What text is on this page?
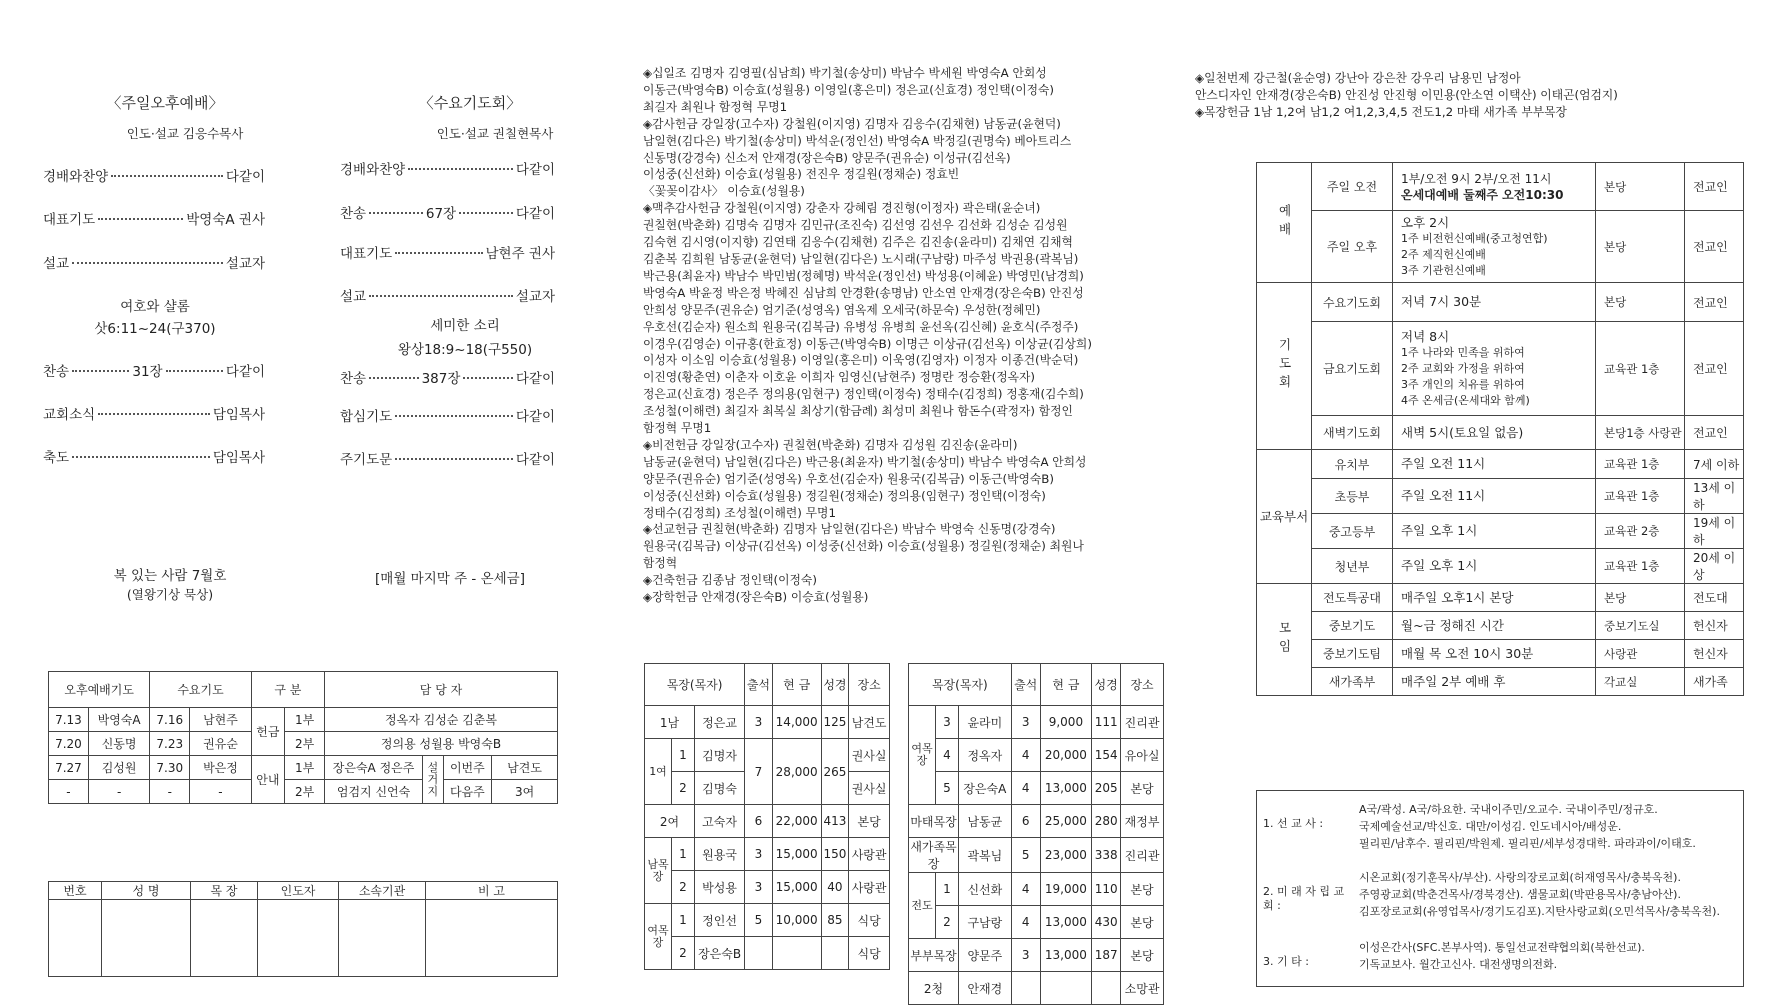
〈주일오후예배〉
인도·설교 김응수목사
경배와찬양	다같이
대표기도	박영숙A 권사
설교	설교자
여호와 샬롬
삿6:11~24(구370)
찬송	31장	다같이
교회소식	담임목사
축도	담임목사
〈수요기도회〉
인도·설교 권칠현목사
경배와찬양	다같이
찬송	67장	다같이
대표기도	남현주 권사
설교	설교자
세미한 소리
왕상18:9~18(구550)
찬송	387장	다같이
합심기도	다같이
주기도문	다같이
복 있는 사람 7월호
(열왕기상 묵상)
[매월 마지막 주 - 온세금]
오후예배기도		수요기도		구 분		담 당 자			
7.13	박영숙A	7.16	남현주	헌금	1부	정옥자 김성순 김춘복			
7.20	신동명	7.23	권유순		2부	정의용 성월용 박영숙B			
7.27	김성원	7.30	박은정	안내	1부	장은숙A 정은주	설거지	이번주	남견도
-	-	-	-		2부	엄검지 신언숙		다음주	3여
번호	성 명	목 장	인도자	소속기관	비 고

◈십일조 김명자 김영필(심남희) 박기철(송상미) 박남수 박세원 박영숙A 안회성
이동근(박영숙B) 이승효(성월용) 이영일(홍은미) 정은교(신효경) 정인택(이정숙)
최길자 최원나 함정혁 무명1
◈감사헌금 강일장(고수자) 강철원(이지영) 김명자 김응수(김채현) 남동균(윤현덕)
남일현(김다은) 박기철(송상미) 박석운(정인선) 박영숙A 박정길(권명숙) 베아트리스
신동명(강경숙) 신소저 안재경(장은숙B) 양문주(권유순) 이성규(김선옥)
이성중(신선화) 이승효(성월용) 전진우 정길원(정채순) 정효빈
〈꽃꽂이감사〉 이승효(성월용)
◈맥추감사헌금 강철원(이지영) 강춘자 강혜림 경진형(이정자) 곽은태(윤순녀)
권칠현(박춘화) 김명숙 김명자 김민규(조진숙) 김선영 김선우 김선화 김성순 김성원
김숙현 김시영(이지향) 김연태 김응수(김채현) 김주은 김진송(윤라미) 김채연 김채혁
김춘복 김희원 남동균(윤현덕) 남일현(김다은) 노시래(구남랑) 마주성 박권용(곽복님)
박근용(최윤자) 박남수 박민범(정혜명) 박석운(정인선) 박성용(이혜윤) 박영민(남경희)
박영숙A 박윤정 박은정 박혜진 심남희 안경환(송명남) 안소연 안재경(장은숙B) 안진성
안희성 양문주(권유순) 엄기준(성영옥) 염옥제 오세국(하문숙) 우성한(정혜민)
우호선(김순자) 원소희 원용국(김복금) 유병성 유병희 윤선옥(김신혜) 윤호식(주정주)
이경우(김영순) 이규홍(한효정) 이동근(박영숙B) 이명근 이상규(김선옥) 이상균(김상희)
이성자 이소임 이승효(성월용) 이영일(홍은미) 이욱영(김영자) 이정자 이종건(박순덕)
이진영(황춘연) 이춘자 이호윤 이희자 임영신(남현주) 정명란 정승환(정옥자)
정은교(신효경) 정은주 정의용(임현구) 정인택(이정숙) 정태수(김정희) 정홍재(김수희)
조성철(이해련) 최길자 최복실 최상기(함금례) 최성미 최원나 함돈수(곽정자) 함정인
함정혁 무명1
◈비전헌금 강일장(고수자) 권칠현(박춘화) 김명자 김성원 김진송(윤라미)
남동균(윤현덕) 남일현(김다은) 박근용(최윤자) 박기철(송상미) 박남수 박영숙A 안희성
양문주(권유순) 엄기준(성영옥) 우호선(김순자) 원용국(김복금) 이동근(박영숙B)
이성중(신선화) 이승효(성월용) 정길원(정채순) 정의용(임현구) 정인택(이정숙)
정태수(김정희) 조성철(이해련) 무명1
◈선교헌금 권칠현(박춘화) 김명자 남일현(김다은) 박남수 박영숙 신동명(강경숙)
원용국(김복금) 이상규(김선옥) 이성중(신선화) 이승효(성월용) 정길원(정채순) 최원나
함정혁
◈건축헌금 김종남 정인택(이정숙)
◈장학헌금 안재경(장은숙B) 이승효(성월용)
목장(목자)			출석	현 금	성경	장소
1남		정은교	3	14,000	125	남견도
1여	1	김명자	7	28,000	265	권사실
	2	김명숙				권사실
2여		고숙자	6	22,000	413	본당
남목장	1	원용국	3	15,000	150	사랑관
	2	박성용	3	15,000	40	사랑관
여목장	1	정인선	5	10,000	85	식당
	2	장은숙B				식당
목장(목자)			출석	현 금	성경	장소
여목장	3	윤라미	3	9,000	111	진리관
	4	정옥자	4	20,000	154	유아실
	5	장은숙A	4	13,000	205	본당
마태목장		남동균	6	25,000	280	재정부
새가족목장		곽복님	5	23,000	338	진리관
전도	1	신선화	4	19,000	110	본당
	2	구남랑	4	13,000	430	본당
부부목장		양문주	3	13,000	187	본당
2청		안재경				소망관
◈일천번제 강근철(윤순영) 강난아 강은찬 강우리 남용민 남정아
안스디자인 안재경(장은숙B) 안진성 안진형 이민용(안소연 이택산) 이태곤(엄검지)
◈목장헌금 1남 1,2여 남1,2 여1,2,3,4,5 전도1,2 마태 새가족 부부목장
예배	주일 오전	1부/오전 9시 2부/오전 11시
온세대예배 둘째주 오전10:30	본당	전교인
	주일 오후	오후 2시
1주 비전헌신예배(중고청연합)
2주 제직헌신예배
3주 기관헌신예배	본당	전교인
기도회	수요기도회	저녁 7시 30분	본당	전교인
	금요기도회	저녁 8시
1주 나라와 민족을 위하여
2주 교회와 가정을 위하여
3주 개인의 치유를 위하여
4주 온세금(온세대와 함께)	교육관 1층	전교인
	새벽기도회	새벽 5시(토요일 없음)	본당1층 사랑관	전교인
교육부서	유치부	주일 오전 11시	교육관 1층	7세 이하
	초등부	주일 오전 11시	교육관 1층	13세 이하
	중고등부	주일 오후 1시	교육관 2층	19세 이하
	청년부	주일 오후 1시	교육관 1층	20세 이상
모임	전도특공대	매주일 오후1시 본당	본당	전도대
	중보기도	월~금 정해진 시간	중보기도실	헌신자
	중보기도팀	매월 목 오전 10시 30분	사랑관	헌신자
	새가족부	매주일 2부 예배 후	각교실	새가족
1. 선 교 사 :
A국/곽성. A국/하요한. 국내이주민/오교수. 국내이주민/정규호.
국제예술선교/박신호. 대만/이성김. 인도네시아/배성운.
필리핀/남후수. 필리핀/박원제. 필리핀/세부성경대학. 파라과이/이태호.
2. 미 래 자 립 교 회 :
시온교회(정기훈목사/부산). 사랑의장로교회(허재영목사/충북옥천).
주영광교회(박춘건목사/경북경산). 샘물교회(박판용목사/충남아산).
김포장로교회(유영업목사/경기도김포).지탄사랑교회(오민석목사/충북옥천).
3. 기 타 :
이성은간사(SFC.본부사역). 통일선교전략협의회(북한선교).
기독교보사. 월간고신사. 대전생명의전화.
